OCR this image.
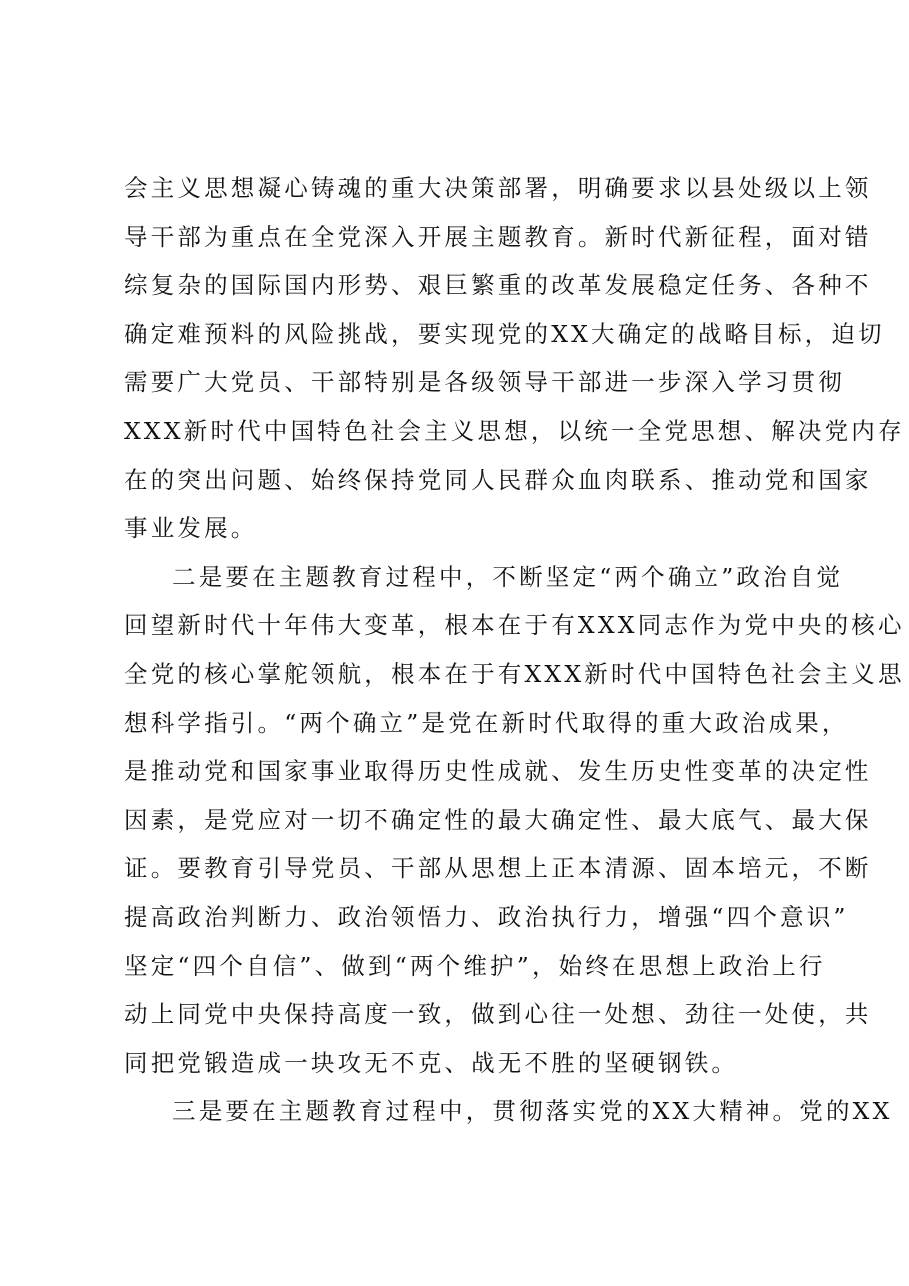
会主义思想凝心铸魂的重大决策部署，明确要求以县处级以上领
导干部为重点在全党深入开展主题教育。新时代新征程，面对错
综复杂的国际国内形势、艰巨繁重的改革发展稳定任务、各种不
确定难预料的风险挑战，要实现党的XX大确定的战略目标，迫切
需要广大党员、干部特别是各级领导干部进一步深入学习贯彻
XXX新时代中国特色社会主义思想，以统一全党思想、解决党内存
在的突出问题、始终保持党同人民群众血肉联系、推动党和国家
事业发展。
二是要在主题教育过程中，不断坚定“两个确立”政治自觉
回望新时代十年伟大变革，根本在于有XXX同志作为党中央的核心
全党的核心掌舵领航，根本在于有XXX新时代中国特色社会主义思
想科学指引。“两个确立”是党在新时代取得的重大政治成果，
是推动党和国家事业取得历史性成就、发生历史性变革的决定性
因素，是党应对一切不确定性的最大确定性、最大底气、最大保
证。要教育引导党员、干部从思想上正本清源、固本培元，不断
提高政治判断力、政治领悟力、政治执行力，增强“四个意识”
坚定“四个自信”、做到“两个维护”，始终在思想上政治上行
动上同党中央保持高度一致，做到心往一处想、劲往一处使，共
同把党锻造成一块攻无不克、战无不胜的坚硬钢铁。
三是要在主题教育过程中，贯彻落实党的XX大精神。党的XX
